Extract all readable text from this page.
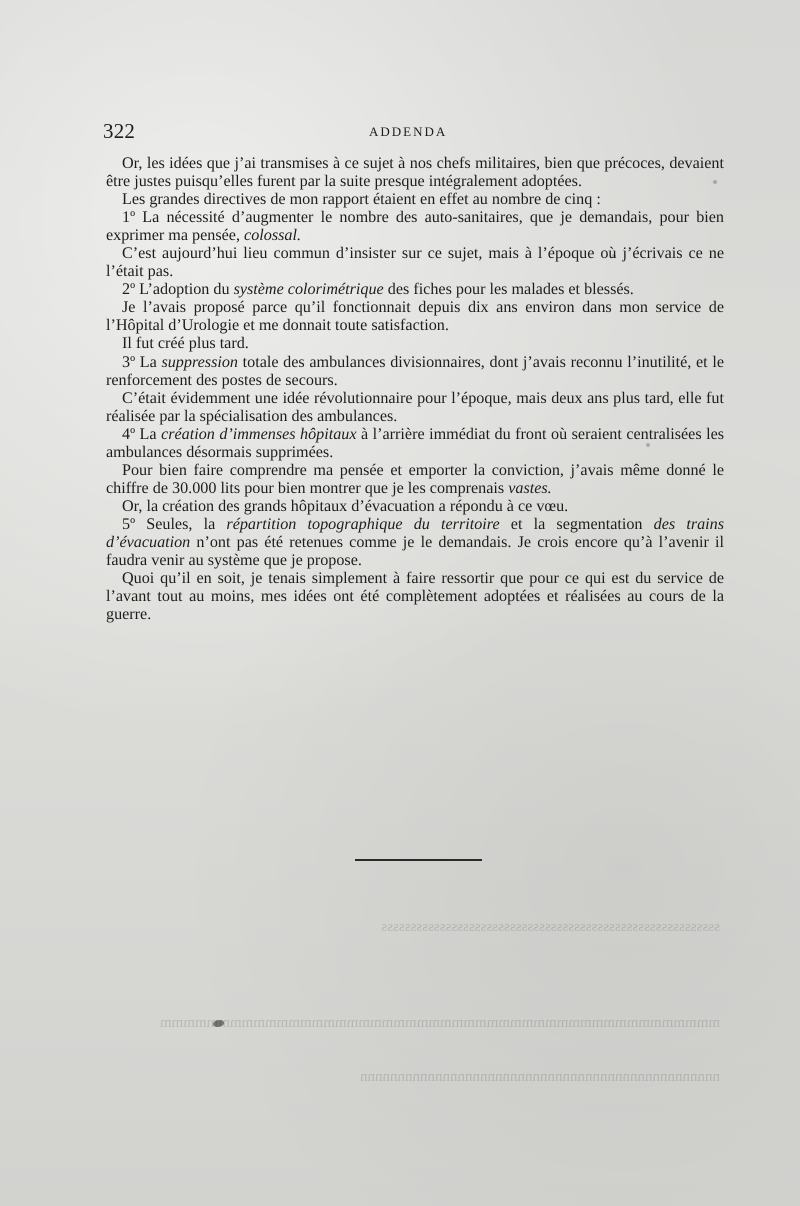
322	ADDENDA

Or, les idées que j’ai transmises à ce sujet à nos chefs militaires, bien que précoces, devaient être justes puisqu’elles furent par la suite presque intégralement adoptées.

Les grandes directives de mon rapport étaient en effet au nombre de cinq :

1º La nécessité d’augmenter le nombre des auto-sanitaires, que je demandais, pour bien exprimer ma pensée, colossal.

C’est aujourd’hui lieu commun d’insister sur ce sujet, mais à l’époque où j’écrivais ce ne l’était pas.

2º L’adoption du système colorimétrique des fiches pour les malades et blessés.

Je l’avais proposé parce qu’il fonctionnait depuis dix ans environ dans mon service de l’Hôpital d’Urologie et me donnait toute satisfaction.

Il fut créé plus tard.

3º La suppression totale des ambulances divisionnaires, dont j’avais reconnu l’inutilité, et le renforcement des postes de secours.

C’était évidemment une idée révolutionnaire pour l’époque, mais deux ans plus tard, elle fut réalisée par la spécialisation des ambulances.

4º La création d’immenses hôpitaux à l’arrière immédiat du front où seraient centralisées les ambulances désormais supprimées.

Pour bien faire comprendre ma pensée et emporter la conviction, j’avais même donné le chiffre de 30.000 lits pour bien montrer que je les comprenais vastes.

Or, la création des grands hôpitaux d’évacuation a répondu à ce vœu.

5º Seules, la répartition topographique du territoire et la segmentation des trains d’évacuation n’ont pas été retenues comme je le demandais. Je crois encore qu’à l’avenir il faudra venir au système que je propose.

Quoi qu’il en soit, je tenais simplement à faire ressortir que pour ce qui est du service de l’avant tout au moins, mes idées ont été complètement adoptées et réalisées au cours de la guerre.

ssssssssssssssssssssssssssssssssssssssssssssssssssssssssss
mmmmmmmmmmmmmmmmmmmmmmmmmmmmmmmmmmmmmmmmmmmmmmmm
nnnnnnnnnnnnnnnnnnnnnnnnnnnnnnnnnnnnnnnnnnnnnnnn
